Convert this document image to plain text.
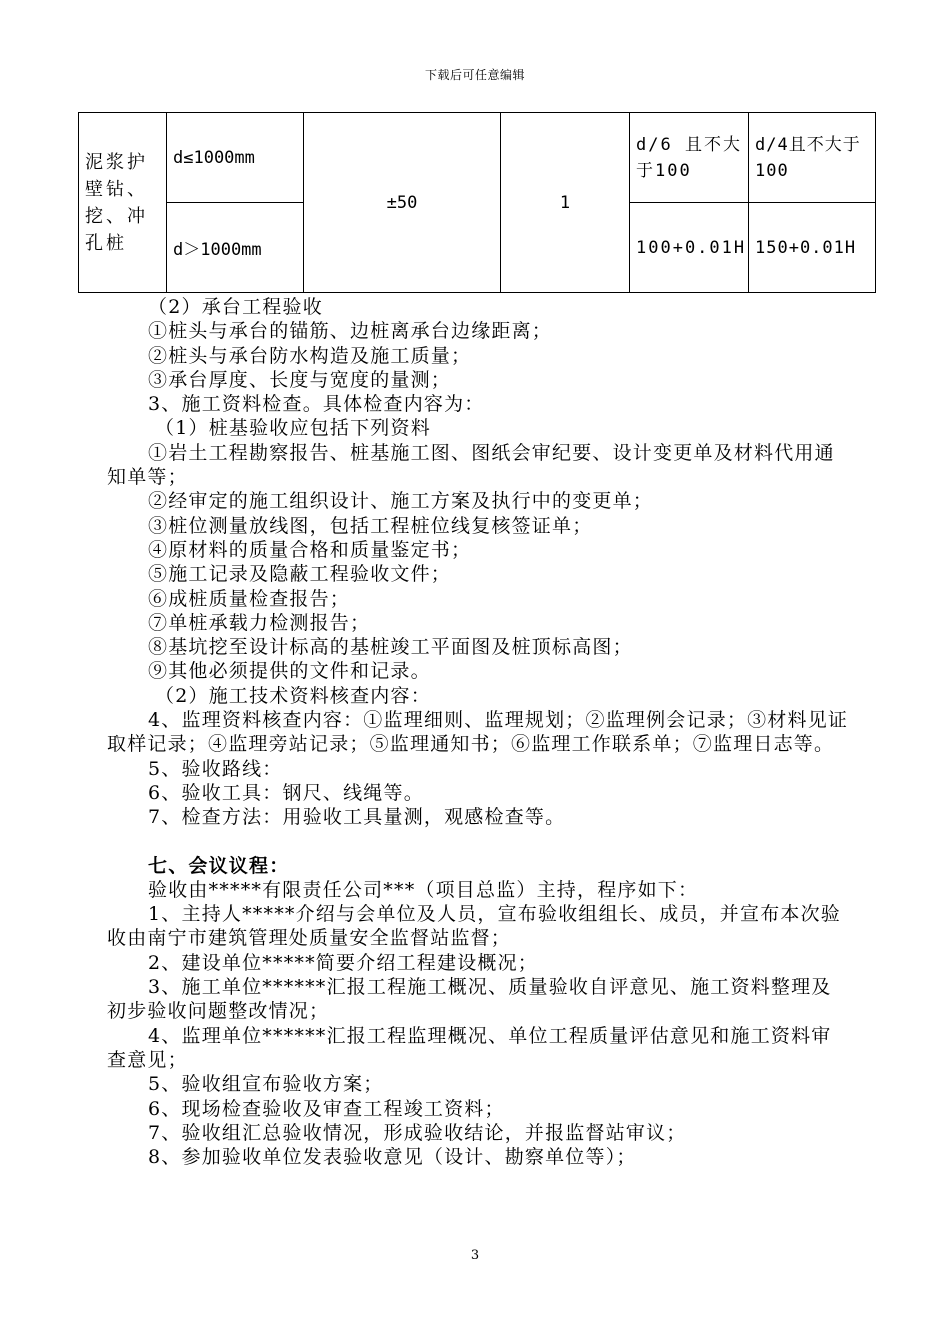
下载后可任意编辑
泥浆护壁钻、挖、冲孔桩	d≤1000mm	±50	1	d/6 且不大于100	d/4且不大于100
	d＞1000mm			100+0.01H	150+0.01H

（2）承台工程验收

①桩头与承台的锚筋、边桩离承台边缘距离；

②桩头与承台防水构造及施工质量；

③承台厚度、长度与宽度的量测；

3、施工资料检查。具体检查内容为：

（1）桩基验收应包括下列资料

①岩土工程勘察报告、桩基施工图、图纸会审纪要、设计变更单及材料代用通知单等；

②经审定的施工组织设计、施工方案及执行中的变更单；

③桩位测量放线图，包括工程桩位线复核签证单；

④原材料的质量合格和质量鉴定书；

⑤施工记录及隐蔽工程验收文件；

⑥成桩质量检查报告；

⑦单桩承载力检测报告；

⑧基坑挖至设计标高的基桩竣工平面图及桩顶标高图；

⑨其他必须提供的文件和记录。

（2）施工技术资料核查内容：

4、监理资料核查内容：①监理细则、监理规划；②监理例会记录；③材料见证取样记录；④监理旁站记录；⑤监理通知书；⑥监理工作联系单；⑦监理日志等。

5、验收路线：

6、验收工具：钢尺、线绳等。

7、检查方法：用验收工具量测，观感检查等。

七、会议议程：

验收由*****有限责任公司***（项目总监）主持，程序如下：

1、主持人*****介绍与会单位及人员，宣布验收组组长、成员，并宣布本次验收由南宁市建筑管理处质量安全监督站监督；

2、建设单位*****简要介绍工程建设概况；

3、施工单位******汇报工程施工概况、质量验收自评意见、施工资料整理及初步验收问题整改情况；

4、监理单位******汇报工程监理概况、单位工程质量评估意见和施工资料审查意见；

5、验收组宣布验收方案；

6、现场检查验收及审查工程竣工资料；

7、验收组汇总验收情况，形成验收结论，并报监督站审议；

8、参加验收单位发表验收意见（设计、勘察单位等）；

3
